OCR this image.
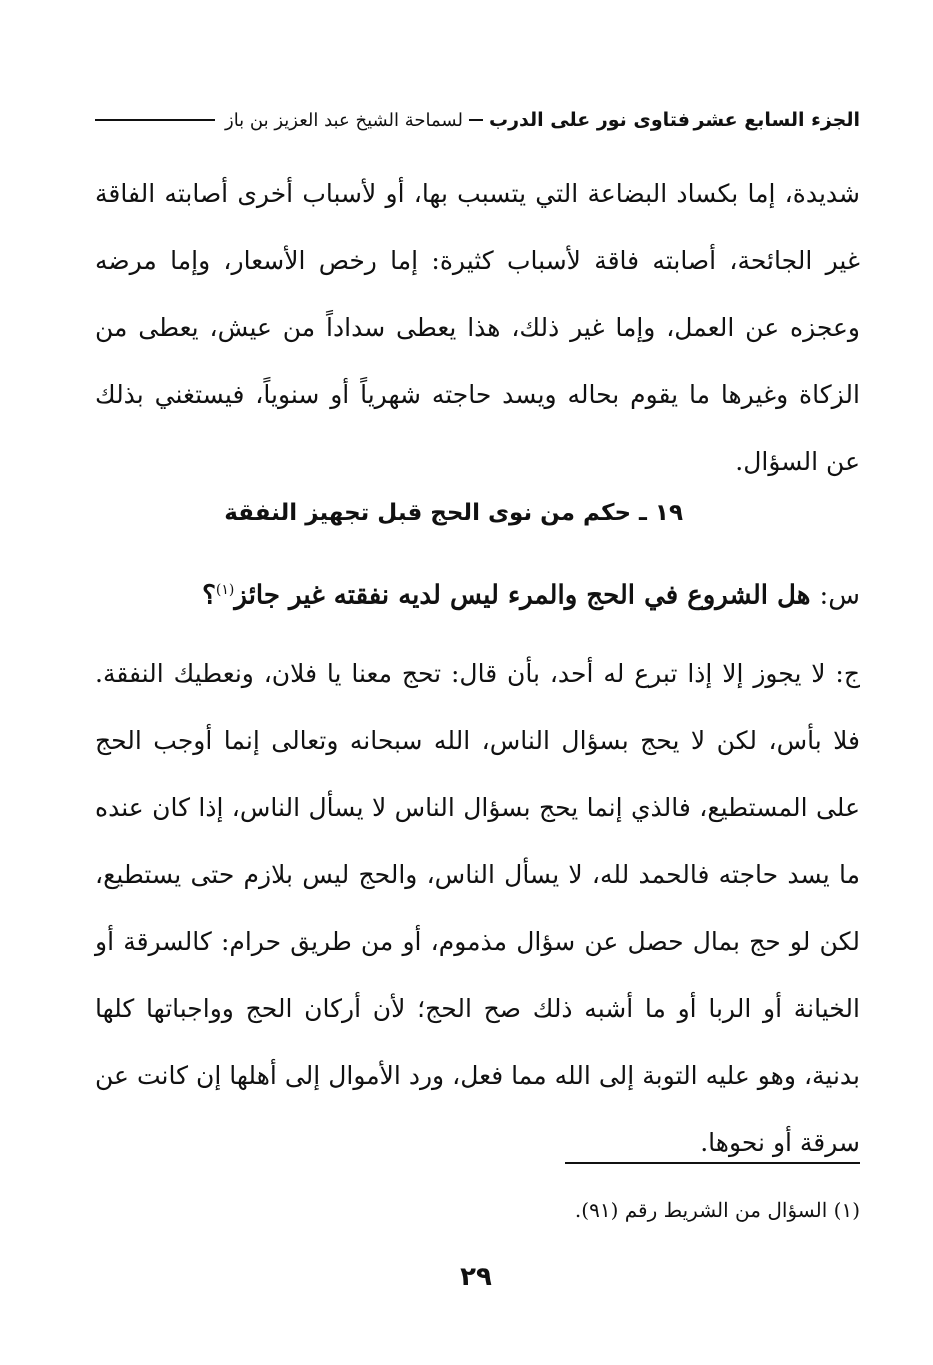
فتاوى نور على الدرب
لسماحة الشيخ عبد العزيز بن باز	الجزء السابع عشر
شديدة، إما بكساد البضاعة التي يتسبب بها، أو لأسباب أخرى أصابته الفاقة غير الجائحة، أصابته فاقة لأسباب كثيرة: إما رخص الأسعار، وإما مرضه وعجزه عن العمل، وإما غير ذلك، هذا يعطى سداداً من عيش، يعطى من الزكاة وغيرها ما يقوم بحاله ويسد حاجته شهرياً أو سنوياً، فيستغني بذلك عن السؤال.
١٩ ـ حكم من نوى الحج قبل تجهيز النفقة
س: هل الشروع في الحج والمرء ليس لديه نفقته غير جائز$^{(١)}$؟
ج: لا يجوز إلا إذا تبرع له أحد، بأن قال: تحج معنا يا فلان، ونعطيك النفقة. فلا بأس، لكن لا يحج بسؤال الناس، الله سبحانه وتعالى إنما أوجب الحج على المستطيع، فالذي إنما يحج بسؤال الناس لا يسأل الناس، إذا كان عنده ما يسد حاجته فالحمد لله، لا يسأل الناس، والحج ليس بلازم حتى يستطيع، لكن لو حج بمال حصل عن سؤال مذموم، أو من طريق حرام: كالسرقة أو الخيانة أو الربا أو ما أشبه ذلك صح الحج؛ لأن أركان الحج وواجباتها كلها بدنية، وهو عليه التوبة إلى الله مما فعل، ورد الأموال إلى أهلها إن كانت عن سرقة أو نحوها.
(١) السؤال من الشريط رقم (٩١).
٢٩
